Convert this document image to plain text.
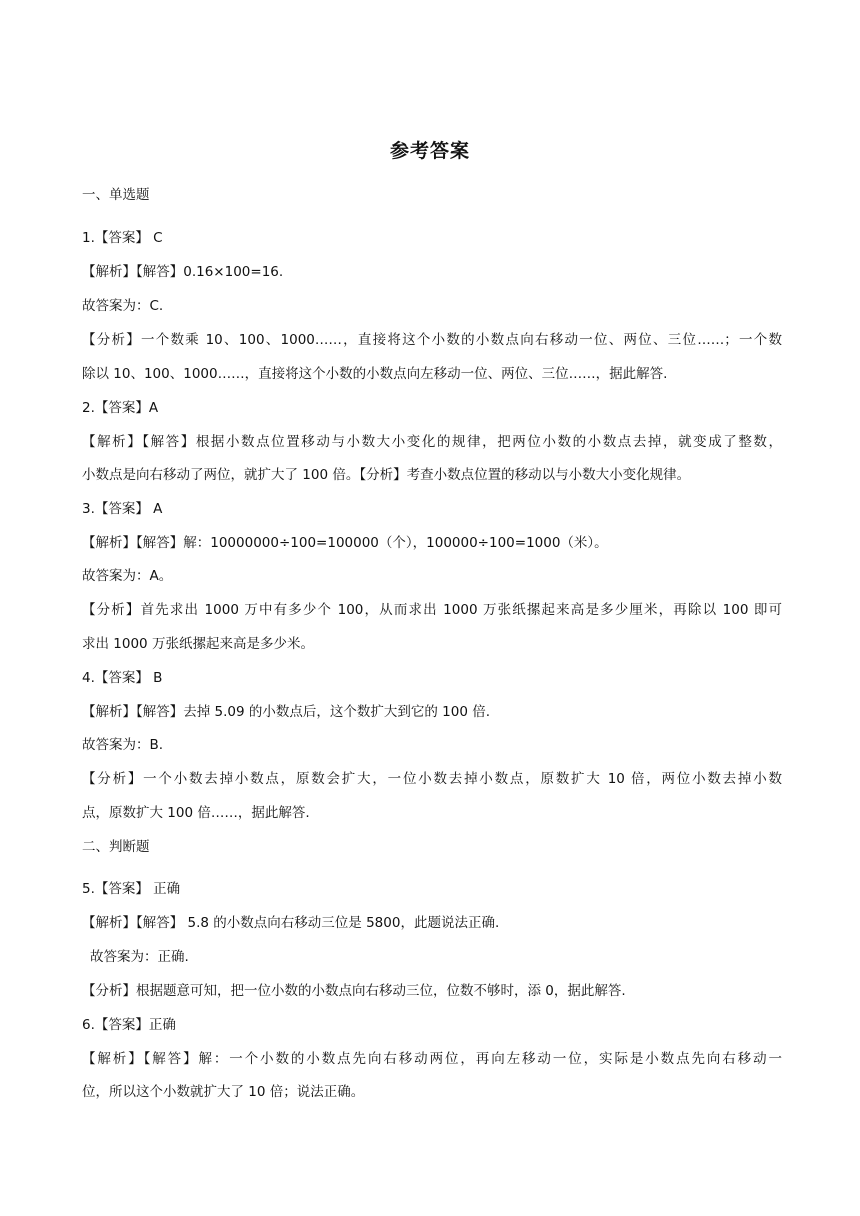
参考答案
一、单选题
1.【答案】 C
【解析】【解答】0.16×100=16.
故答案为：C.
【分析】一个数乘 10、100、1000……，直接将这个小数的小数点向右移动一位、两位、三位……；一个数
除以 10、100、1000……，直接将这个小数的小数点向左移动一位、两位、三位……，据此解答.
2.【答案】A
【解析】【解答】根据小数点位置移动与小数大小变化的规律，把两位小数的小数点去掉，就变成了整数，
小数点是向右移动了两位，就扩大了 100 倍。【分析】考查小数点位置的移动以与小数大小变化规律。
3.【答案】 A
【解析】【解答】解：10000000÷100=100000（个），100000÷100=1000（米）。
故答案为：A。
【分析】首先求出 1000 万中有多少个 100，从而求出 1000 万张纸摞起来高是多少厘米，再除以 100 即可
求出 1000 万张纸摞起来高是多少米。
4.【答案】 B
【解析】【解答】去掉 5.09 的小数点后，这个数扩大到它的 100 倍.
故答案为：B.
【分析】一个小数去掉小数点，原数会扩大，一位小数去掉小数点，原数扩大 10 倍，两位小数去掉小数
点，原数扩大 100 倍……，据此解答.
二、判断题
5.【答案】 正确
【解析】【解答】 5.8 的小数点向右移动三位是 5800，此题说法正确.
故答案为：正确.
【分析】根据题意可知，把一位小数的小数点向右移动三位，位数不够时，添 0，据此解答.
6.【答案】正确
【解析】【解答】解：一个小数的小数点先向右移动两位，再向左移动一位，实际是小数点先向右移动一
位，所以这个小数就扩大了 10 倍；说法正确。
